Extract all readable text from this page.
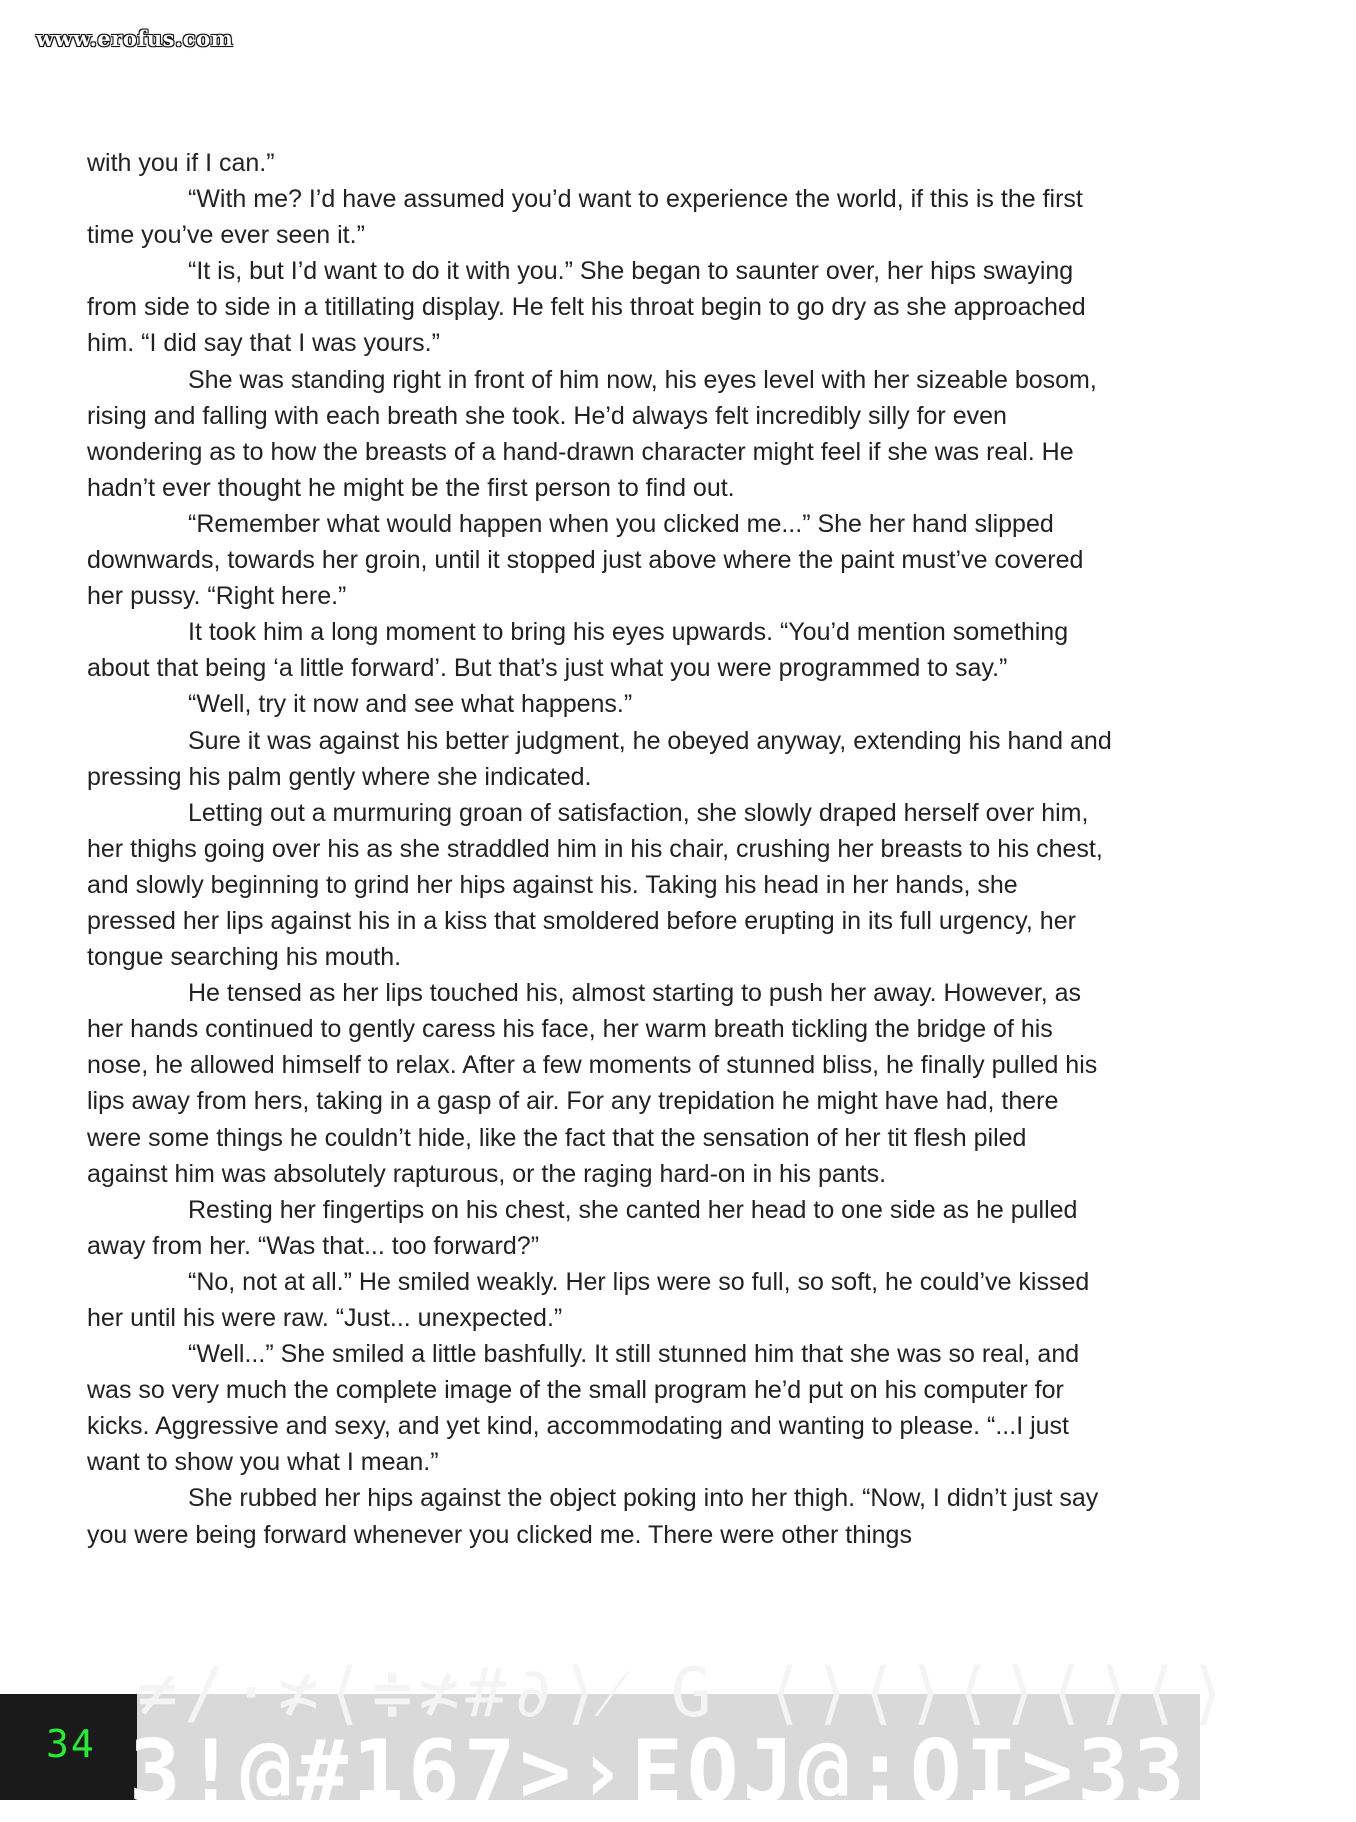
www.erofus.com

with you if I can.”

“With me? I’d have assumed you’d want to experience the world, if this is the first time you’ve ever seen it.”

“It is, but I’d want to do it with you.” She began to saunter over, her hips swaying from side to side in a titillating display. He felt his throat begin to go dry as she approached him. “I did say that I was yours.”

She was standing right in front of him now, his eyes level with her sizeable bosom, rising and falling with each breath she took. He’d always felt incredibly silly for even wondering as to how the breasts of a hand-drawn character might feel if she was real. He hadn’t ever thought he might be the first person to find out.

“Remember what would happen when you clicked me...” She her hand slipped downwards, towards her groin, until it stopped just above where the paint must’ve covered her pussy. “Right here.”

It took him a long moment to bring his eyes upwards. “You’d mention something about that being ‘a little forward’. But that’s just what you were programmed to say.”

“Well, try it now and see what happens.”

Sure it was against his better judgment, he obeyed anyway, extending his hand and pressing his palm gently where she indicated.

Letting out a murmuring groan of satisfaction, she slowly draped herself over him, her thighs going over his as she straddled him in his chair, crushing her breasts to his chest, and slowly beginning to grind her hips against his. Taking his head in her hands, she pressed her lips against his in a kiss that smoldered before erupting in its full urgency, her tongue searching his mouth.

He tensed as her lips touched his, almost starting to push her away. However, as her hands continued to gently caress his face, her warm breath tickling the bridge of his nose, he allowed himself to relax. After a few moments of stunned bliss, he finally pulled his lips away from hers, taking in a gasp of air. For any trepidation he might have had, there were some things he couldn’t hide, like the fact that the sensation of her tit flesh piled against him was absolutely rapturous, or the raging hard-on in his pants.

Resting her fingertips on his chest, she canted her head to one side as he pulled away from her. “Was that... too forward?”

“No, not at all.” He smiled weakly. Her lips were so full, so soft, he could’ve kissed her until his were raw. “Just... unexpected.”

“Well...” She smiled a little bashfully. It still stunned him that she was so real, and was so very much the complete image of the small program he’d put on his computer for kicks. Aggressive and sexy, and yet kind, accommodating and wanting to please. “...I just want to show you what I mean.”

She rubbed her hips against the object poking into her thigh. “Now, I didn’t just say you were being forward whenever you clicked me. There were other things

34
≠∕·≭⟨≑≭#∂⟩⁄ G ⟨⟩⟨⟩⟨⟩⟨⟩⟨⟩
3!@#167>›EOJ@:OI>33!@:
